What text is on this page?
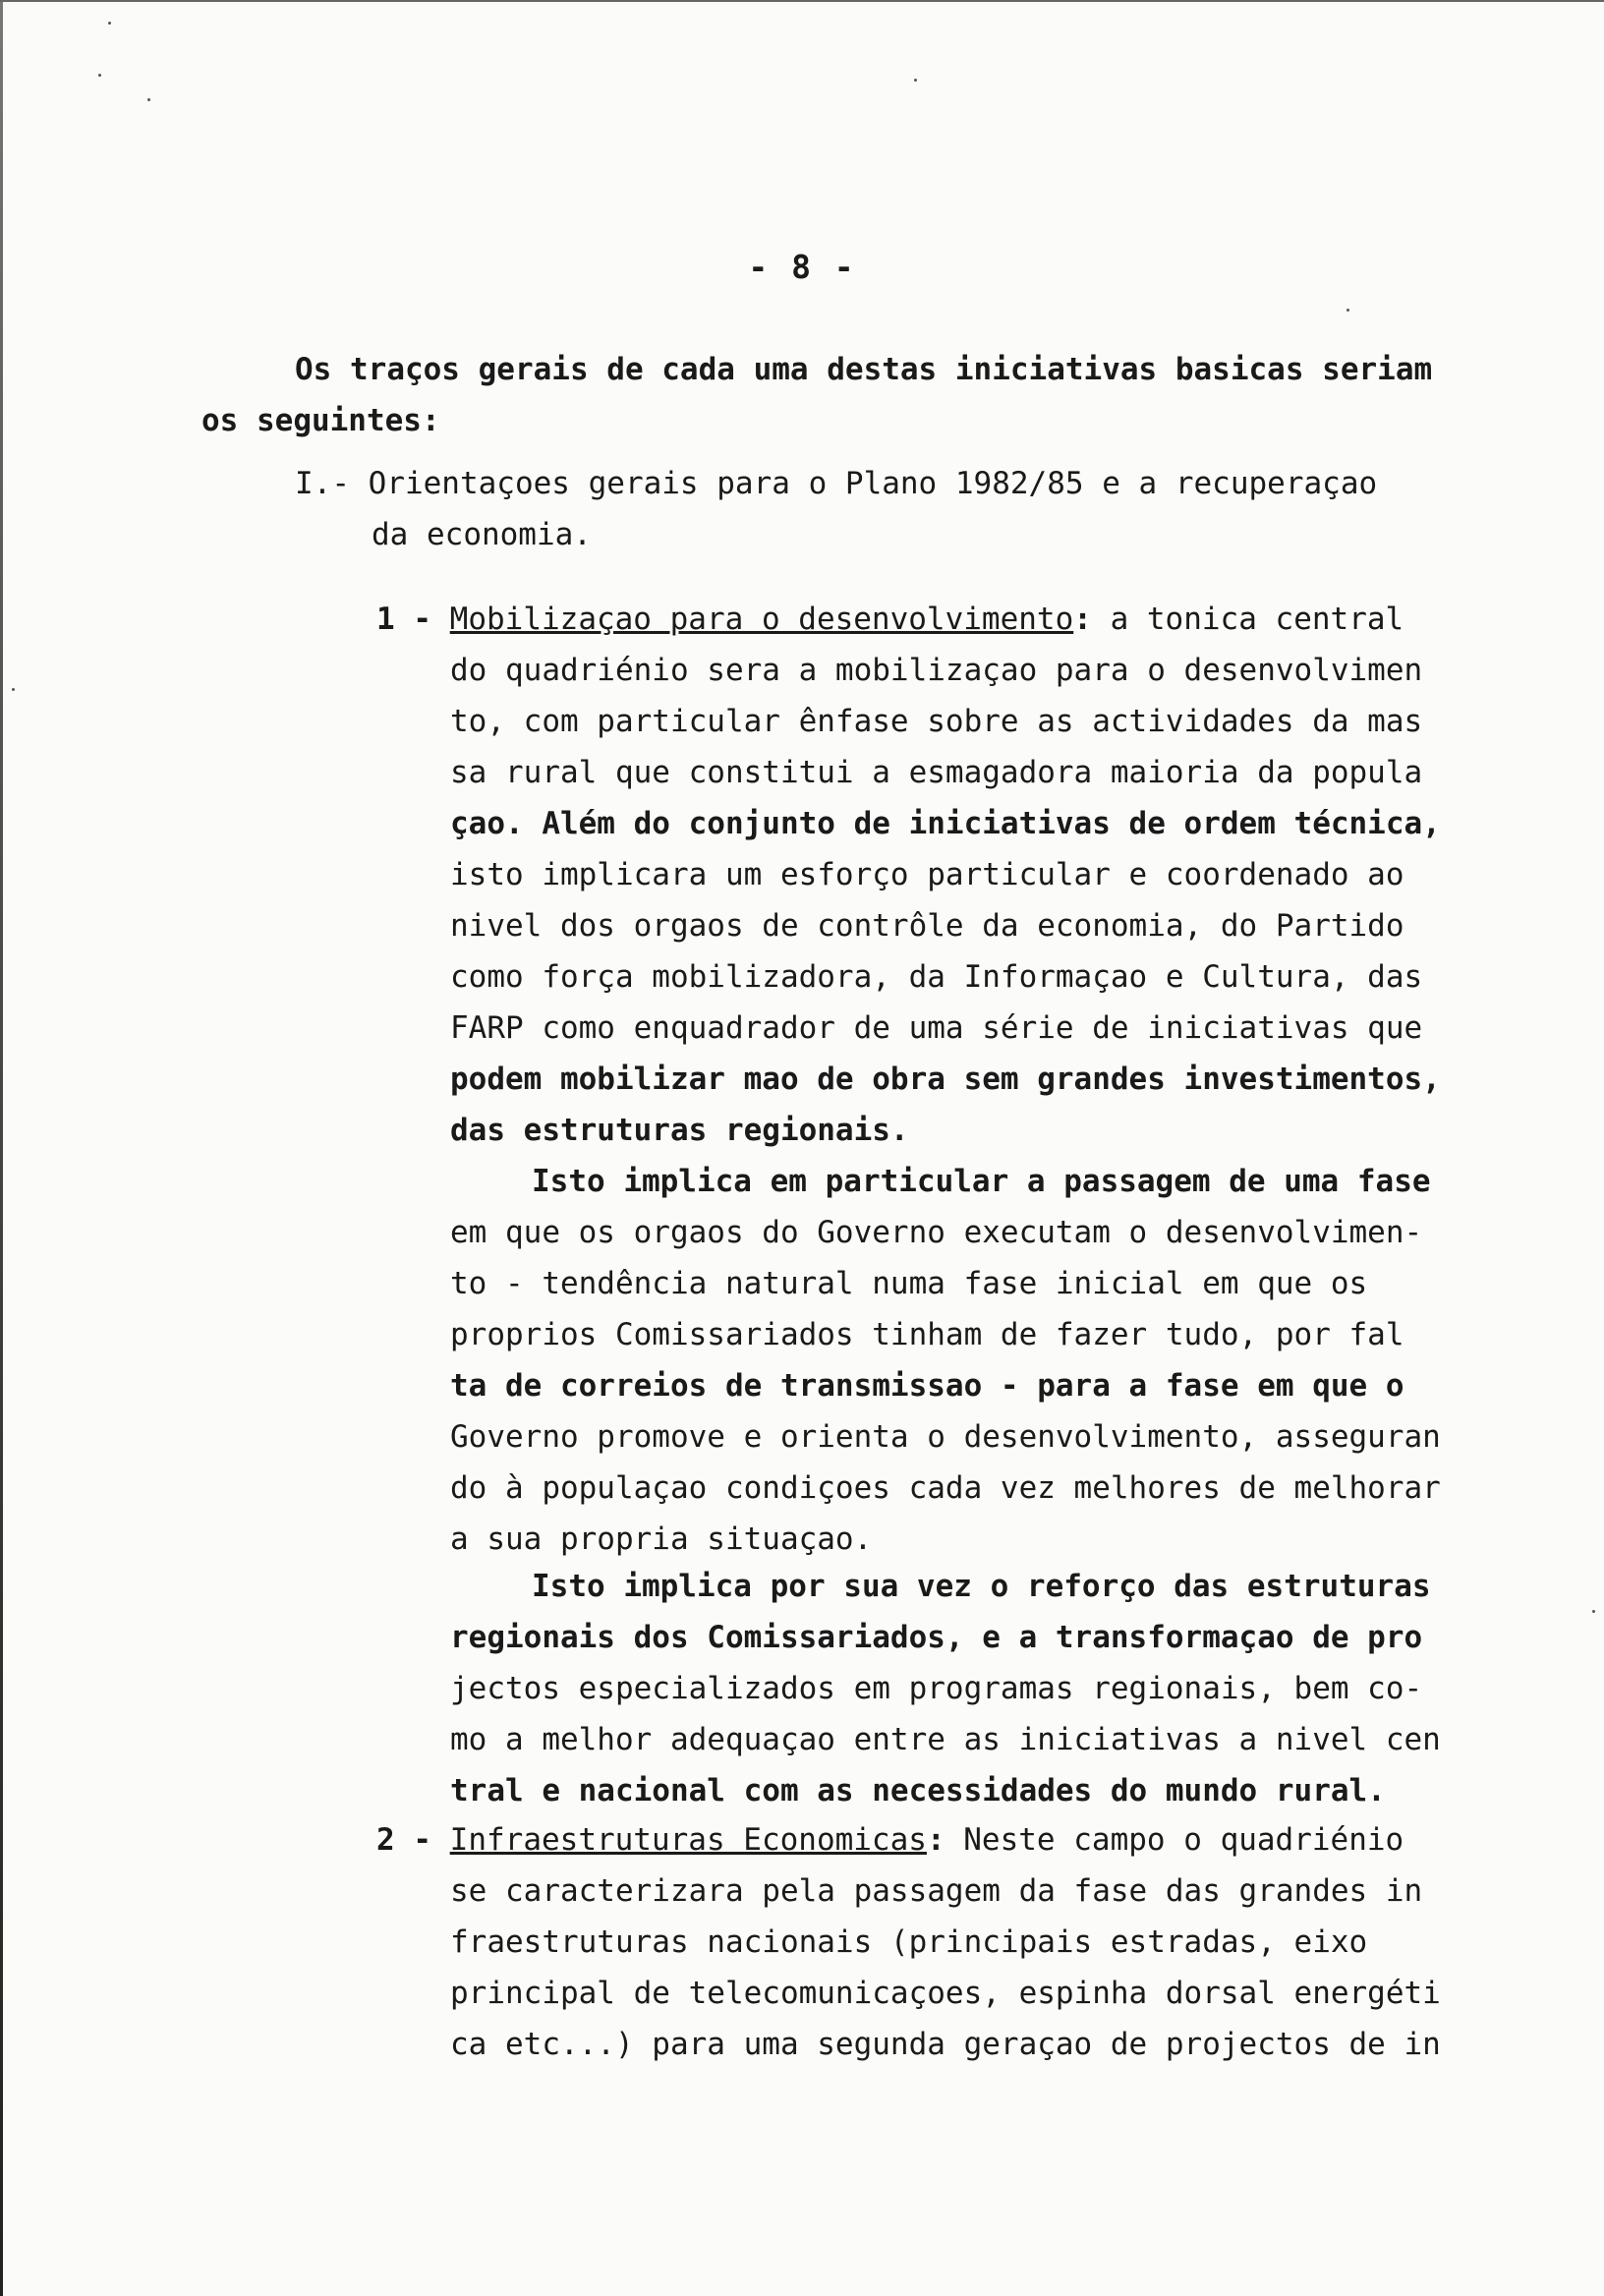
- 8 -
Os traços gerais de cada uma destas iniciativas basicas seriam
os seguintes:
I.- Orientaçoes gerais para o Plano 1982/85 e a recuperaçao
da economia.
1 - Mobilizaçao para o desenvolvimento: a tonica central
do quadriénio sera a mobilizaçao para o desenvolvimen
to, com particular ênfase sobre as actividades da mas
sa rural que constitui a esmagadora maioria da popula
çao. Além do conjunto de iniciativas de ordem técnica,
isto implicara um esforço particular e coordenado ao
nivel dos orgaos de contrôle da economia, do Partido
como força mobilizadora, da Informaçao e Cultura, das
FARP como enquadrador de uma série de iniciativas que
podem mobilizar mao de obra sem grandes investimentos,
das estruturas regionais.
Isto implica em particular a passagem de uma fase
em que os orgaos do Governo executam o desenvolvimen-
to - tendência natural numa fase inicial em que os
proprios Comissariados tinham de fazer tudo, por fal
ta de correios de transmissao - para a fase em que o
Governo promove e orienta o desenvolvimento, asseguran
do à populaçao condiçoes cada vez melhores de melhorar
a sua propria situaçao.
Isto implica por sua vez o reforço das estruturas
regionais dos Comissariados, e a transformaçao de pro
jectos especializados em programas regionais, bem co-
mo a melhor adequaçao entre as iniciativas a nivel cen
tral e nacional com as necessidades do mundo rural.
2 - Infraestruturas Economicas: Neste campo o quadriénio
se caracterizara pela passagem da fase das grandes in
fraestruturas nacionais (principais estradas, eixo
principal de telecomunicaçoes, espinha dorsal energéti
ca etc...) para uma segunda geraçao de projectos de in
